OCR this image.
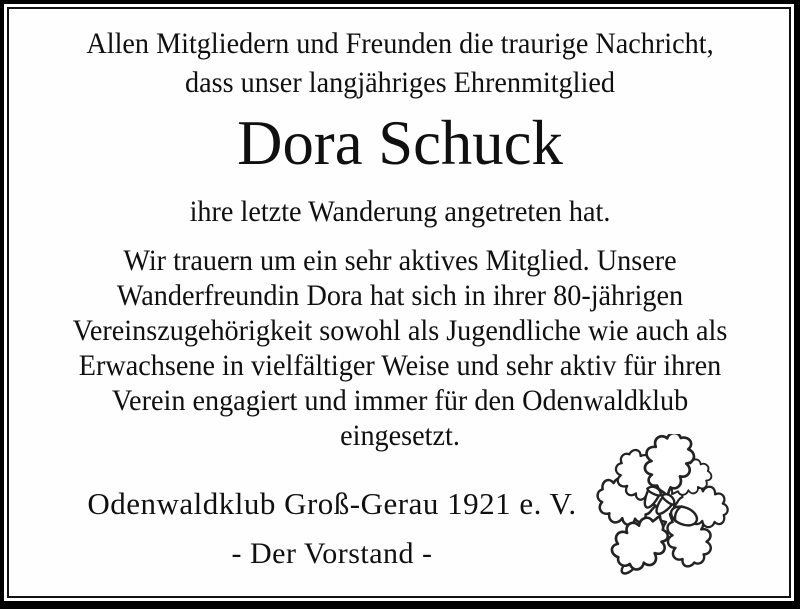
Allen Mitgliedern und Freunden die traurige Nachricht,
dass unser langjähriges Ehrenmitglied
Dora Schuck
ihre letzte Wanderung angetreten hat.
Wir trauern um ein sehr aktives Mitglied. Unsere
Wanderfreundin Dora hat sich in ihrer 80-jährigen
Vereinszugehörigkeit sowohl als Jugendliche wie auch als
Erwachsene in vielfältiger Weise und sehr aktiv für ihren
Verein engagiert und immer für den Odenwaldklub
eingesetzt.
Odenwaldklub Groß-Gerau 1921 e. V.
- Der Vorstand -
